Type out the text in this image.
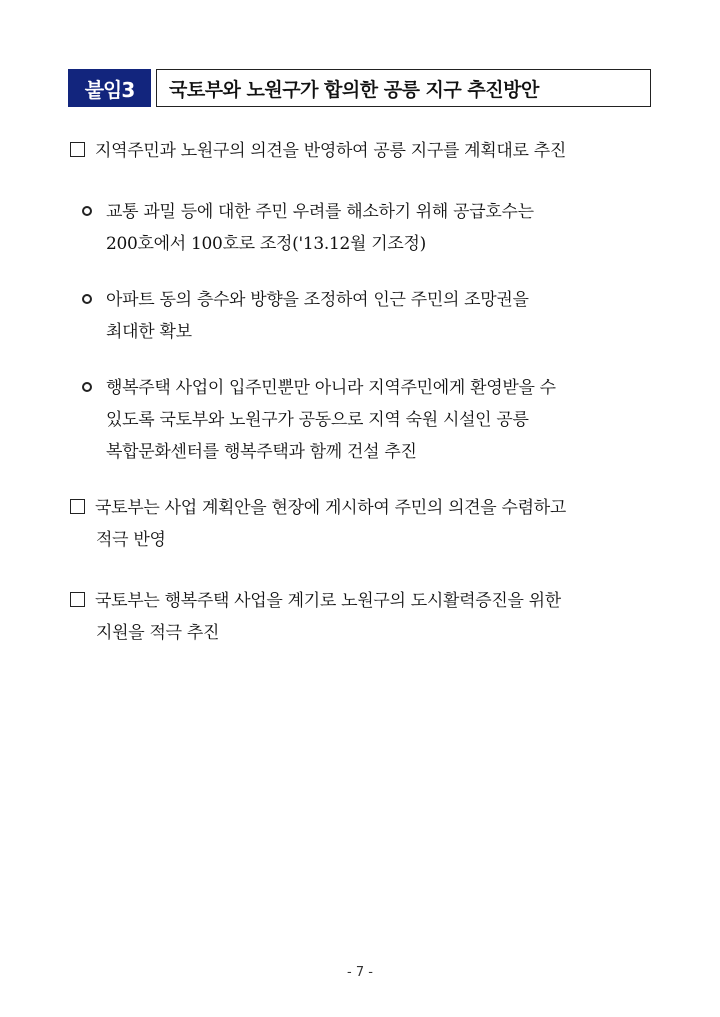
붙임3	국토부와 노원구가 합의한 공릉 지구 추진방안
지역주민과 노원구의 의견을 반영하여 공릉 지구를 계획대로 추진
교통 과밀 등에 대한 주민 우려를 해소하기 위해 공급호수는
200호에서 100호로 조정('13.12월 기조정)
아파트 동의 층수와 방향을 조정하여 인근 주민의 조망권을
최대한 확보
행복주택 사업이 입주민뿐만 아니라 지역주민에게 환영받을 수
있도록 국토부와 노원구가 공동으로 지역 숙원 시설인 공릉
복합문화센터를 행복주택과 함께 건설 추진
국토부는 사업 계획안을 현장에 게시하여 주민의 의견을 수렴하고
적극 반영
국토부는 행복주택 사업을 계기로 노원구의 도시활력증진을 위한
지원을 적극 추진
- 7 -
